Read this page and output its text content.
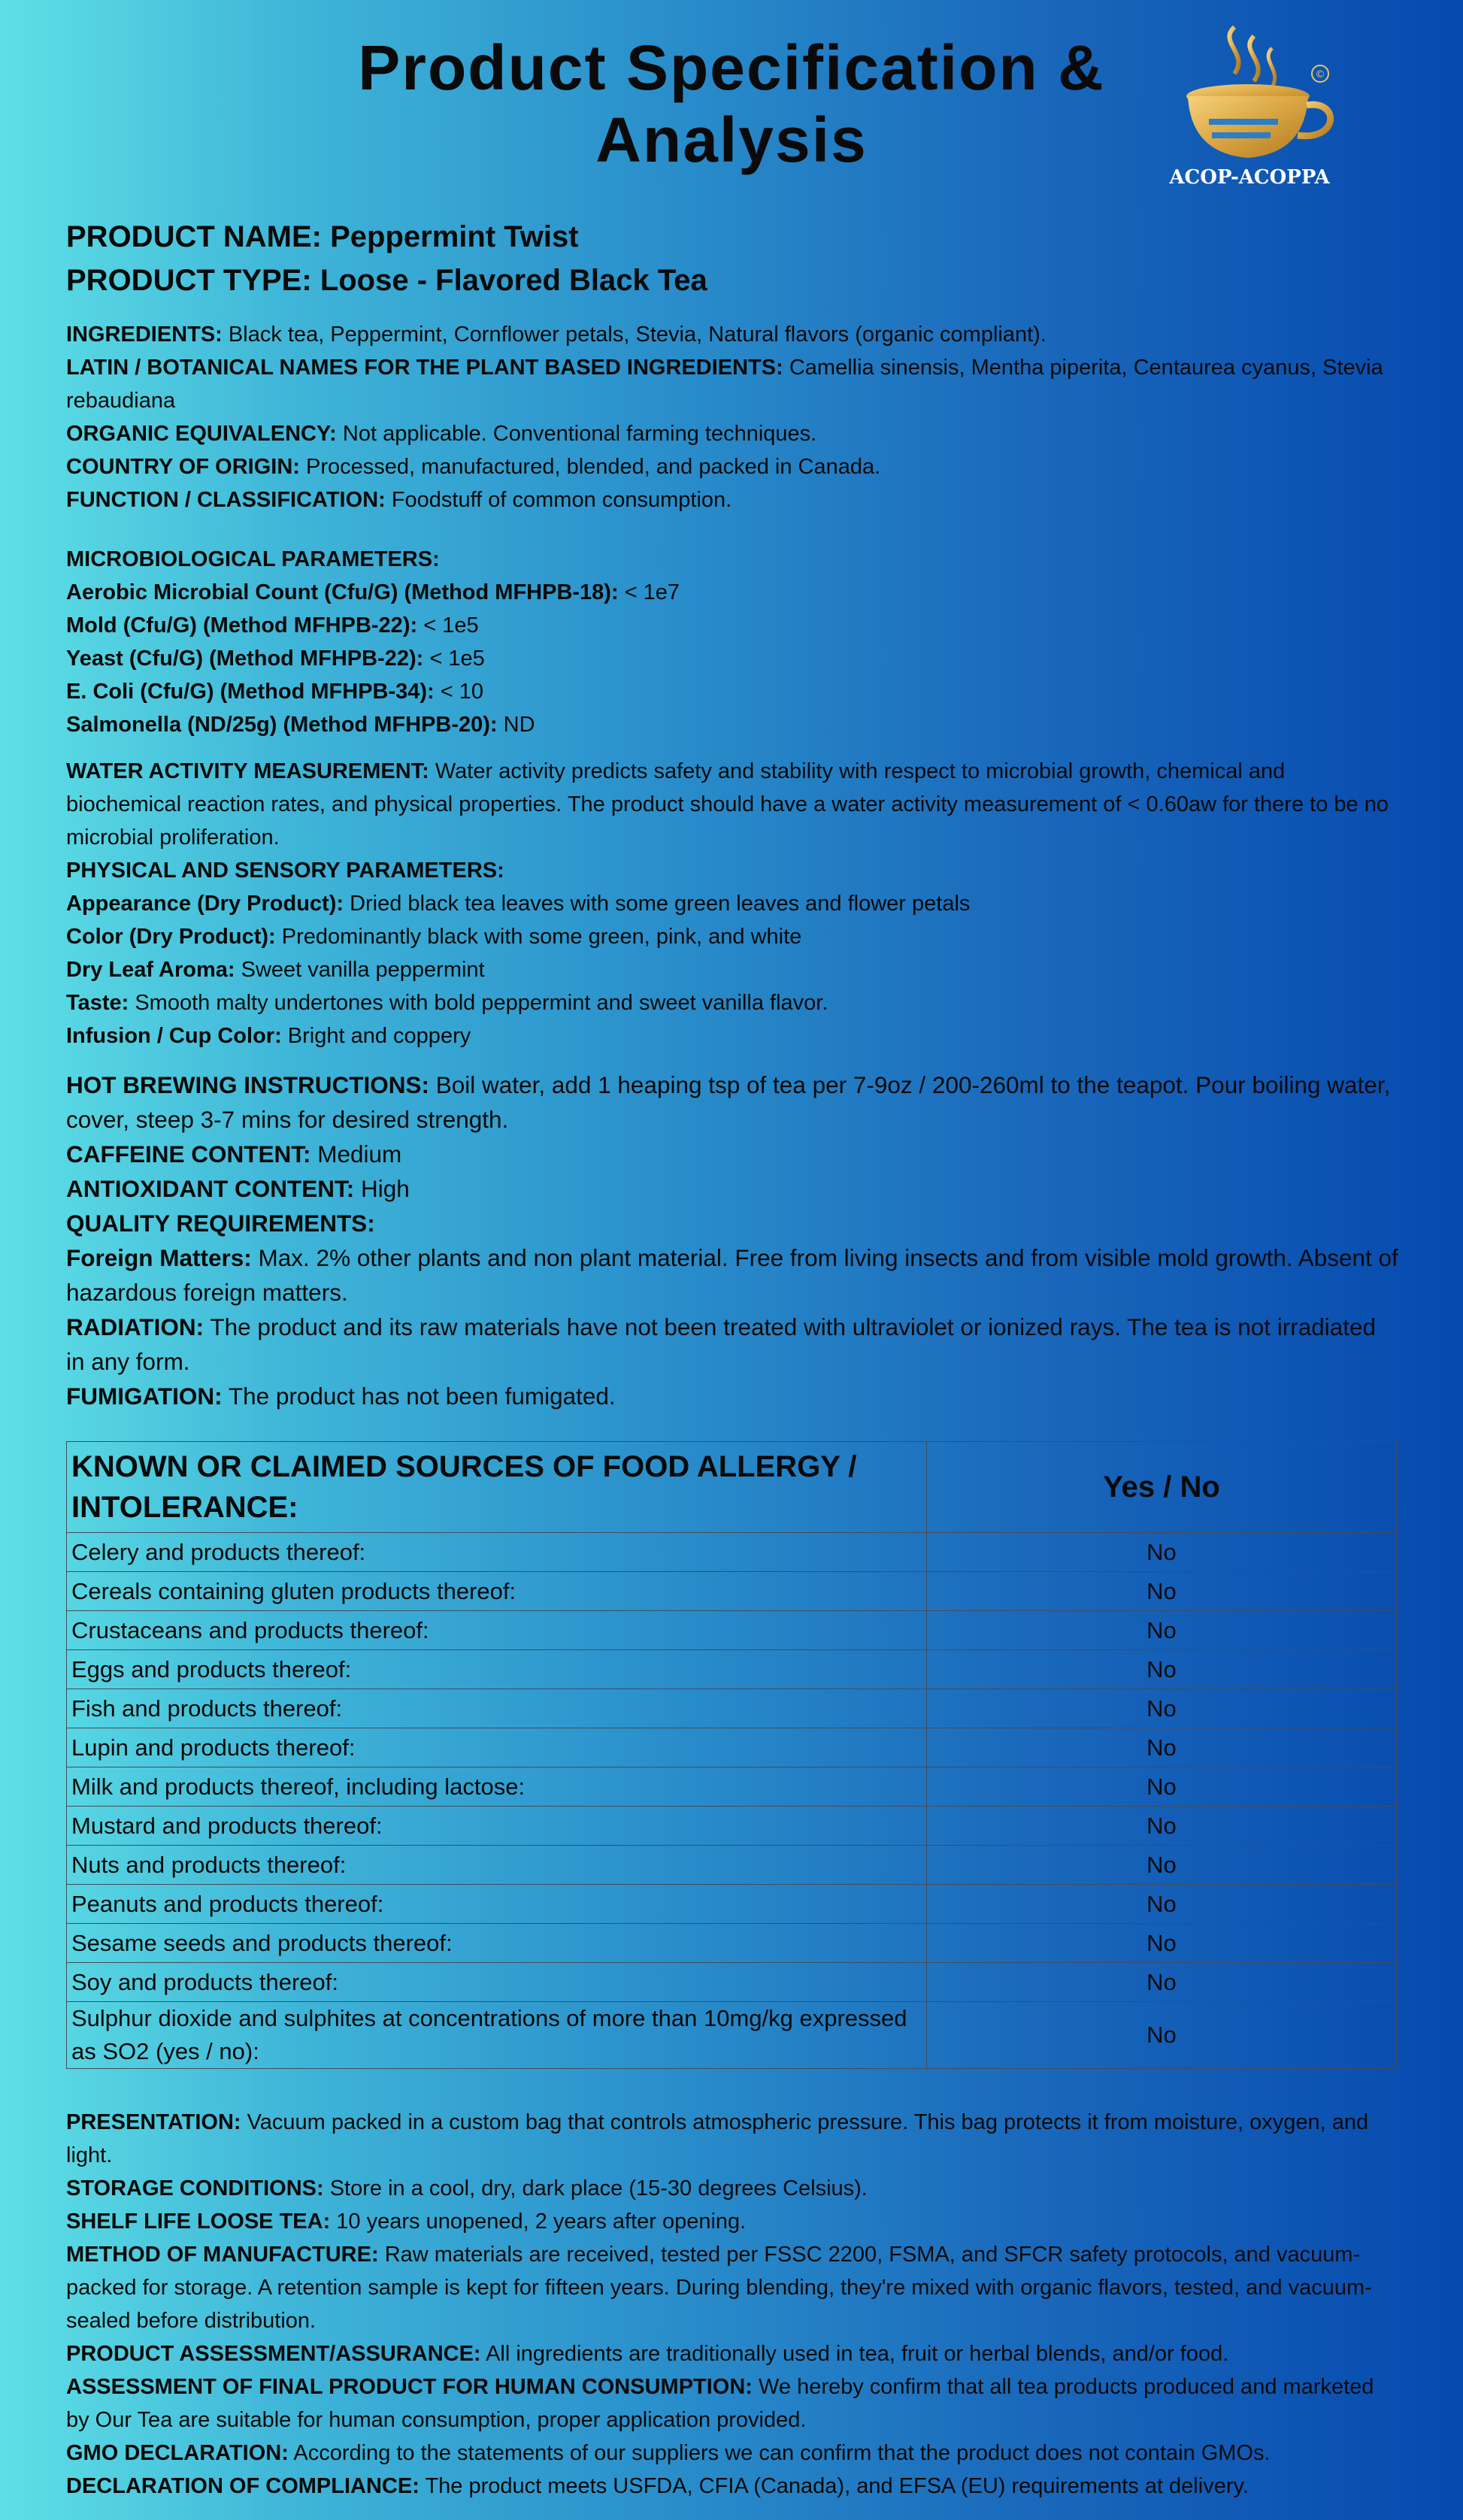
Product Specification &
Analysis
©
ACOP-ACOPPA
PRODUCT NAME: Peppermint Twist
PRODUCT TYPE: Loose - Flavored Black Tea

INGREDIENTS: Black tea, Peppermint, Cornflower petals, Stevia, Natural flavors (organic compliant).

LATIN / BOTANICAL NAMES FOR THE PLANT BASED INGREDIENTS: Camellia sinensis, Mentha piperita, Centaurea cyanus, Stevia rebaudiana

ORGANIC EQUIVALENCY: Not applicable. Conventional farming techniques.

COUNTRY OF ORIGIN: Processed, manufactured, blended, and packed in Canada.

FUNCTION / CLASSIFICATION: Foodstuff of common consumption.

MICROBIOLOGICAL PARAMETERS:

Aerobic Microbial Count (Cfu/G) (Method MFHPB-18): < 1e7

Mold (Cfu/G) (Method MFHPB-22): < 1e5

Yeast (Cfu/G) (Method MFHPB-22): < 1e5

E. Coli (Cfu/G) (Method MFHPB-34): < 10

Salmonella (ND/25g) (Method MFHPB-20): ND

WATER ACTIVITY MEASUREMENT: Water activity predicts safety and stability with respect to microbial growth, chemical and biochemical reaction rates, and physical properties. The product should have a water activity measurement of < 0.60aw for there to be no microbial proliferation.

PHYSICAL AND SENSORY PARAMETERS:

Appearance (Dry Product): Dried black tea leaves with some green leaves and flower petals

Color (Dry Product): Predominantly black with some green, pink, and white

Dry Leaf Aroma: Sweet vanilla peppermint

Taste: Smooth malty undertones with bold peppermint and sweet vanilla flavor.

Infusion / Cup Color: Bright and coppery

HOT BREWING INSTRUCTIONS: Boil water, add 1 heaping tsp of tea per 7-9oz / 200-260ml to the teapot. Pour boiling water, cover, steep 3-7 mins for desired strength.

CAFFEINE CONTENT: Medium

ANTIOXIDANT CONTENT: High

QUALITY REQUIREMENTS:

Foreign Matters: Max. 2% other plants and non plant material. Free from living insects and from visible mold growth. Absent of hazardous foreign matters.

RADIATION: The product and its raw materials have not been treated with ultraviolet or ionized rays. The tea is not irradiated in any form.

FUMIGATION: The product has not been fumigated.

KNOWN OR CLAIMED SOURCES OF FOOD ALLERGY / INTOLERANCE:	Yes / No
Celery and products thereof:	No
Cereals containing gluten products thereof:	No
Crustaceans and products thereof:	No
Eggs and products thereof:	No
Fish and products thereof:	No
Lupin and products thereof:	No
Milk and products thereof, including lactose:	No
Mustard and products thereof:	No
Nuts and products thereof:	No
Peanuts and products thereof:	No
Sesame seeds and products thereof:	No
Soy and products thereof:	No
Sulphur dioxide and sulphites at concentrations of more than 10mg/kg expressed as SO2 (yes / no):	No

PRESENTATION: Vacuum packed in a custom bag that controls atmospheric pressure. This bag protects it from moisture, oxygen, and light.

STORAGE CONDITIONS: Store in a cool, dry, dark place (15-30 degrees Celsius).

SHELF LIFE LOOSE TEA: 10 years unopened, 2 years after opening.

METHOD OF MANUFACTURE: Raw materials are received, tested per FSSC 2200, FSMA, and SFCR safety protocols, and vacuum-packed for storage. A retention sample is kept for fifteen years. During blending, they're mixed with organic flavors, tested, and vacuum-sealed before distribution.

PRODUCT ASSESSMENT/ASSURANCE: All ingredients are traditionally used in tea, fruit or herbal blends, and/or food.

ASSESSMENT OF FINAL PRODUCT FOR HUMAN CONSUMPTION: We hereby confirm that all tea products produced and marketed by Our Tea are suitable for human consumption, proper application provided.

GMO DECLARATION: According to the statements of our suppliers we can confirm that the product does not contain GMOs.

DECLARATION OF COMPLIANCE: The product meets USFDA, CFIA (Canada), and EFSA (EU) requirements at delivery.
